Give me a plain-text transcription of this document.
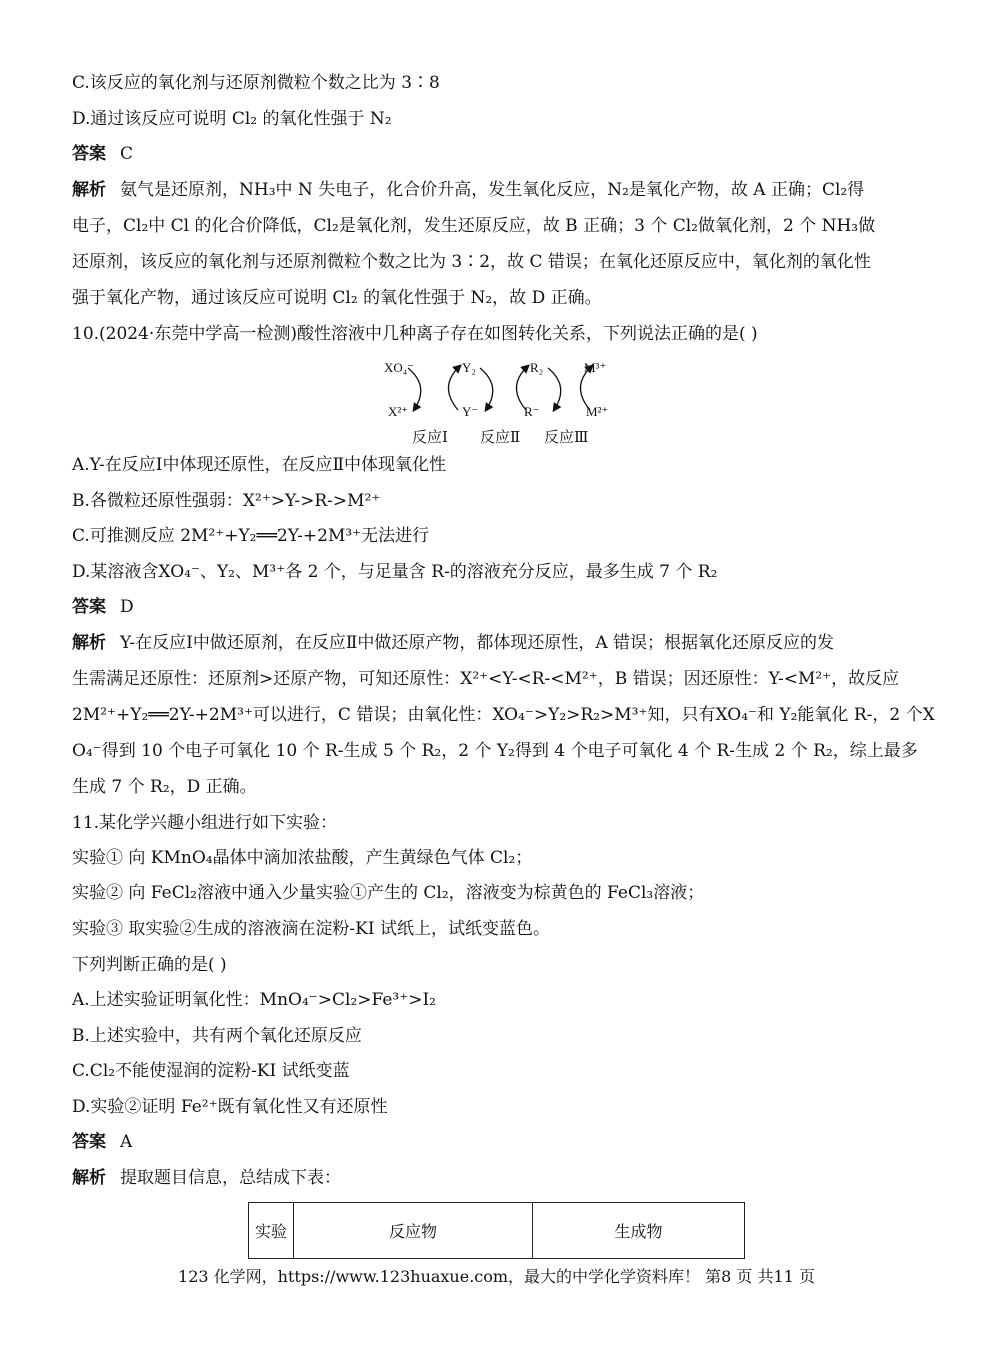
C.该反应的氧化剂与还原剂微粒个数之比为 3∶8
D.通过该反应可说明 Cl₂ 的氧化性强于 N₂
答案 C
解析 氨气是还原剂，NH₃中 N 失电子，化合价升高，发生氧化反应，N₂是氧化产物，故 A 正确；Cl₂得
电子，Cl₂中 Cl 的化合价降低，Cl₂是氧化剂，发生还原反应，故 B 正确；3 个 Cl₂做氧化剂，2 个 NH₃做
还原剂，该反应的氧化剂与还原剂微粒个数之比为 3∶2，故 C 错误；在氧化还原反应中，氧化剂的氧化性
强于氧化产物，通过该反应可说明 Cl₂ 的氧化性强于 N₂，故 D 正确。
10.(2024·东莞中学高一检测)酸性溶液中几种离子存在如图转化关系，下列说法正确的是( )
XO₄⁻	Y₂	R₂	M³⁺
X²⁺	Y⁻	R⁻	M²⁺
反应Ⅰ 反应Ⅱ 反应Ⅲ
A.Y-在反应Ⅰ中体现还原性，在反应Ⅱ中体现氧化性
B.各微粒还原性强弱：X²⁺>Y->R->M²⁺
C.可推测反应 2M²⁺+Y₂══2Y-+2M³⁺无法进行
D.某溶液含XO₄⁻、Y₂、M³⁺各 2 个，与足量含 R-的溶液充分反应，最多生成 7 个 R₂
答案 D
解析 Y-在反应Ⅰ中做还原剂，在反应Ⅱ中做还原产物，都体现还原性，A 错误；根据氧化还原反应的发
生需满足还原性：还原剂>还原产物，可知还原性：X²⁺<Y-<R-<M²⁺，B 错误；因还原性：Y-<M²⁺，故反应
2M²⁺+Y₂══2Y-+2M³⁺可以进行，C 错误；由氧化性：XO₄⁻>Y₂>R₂>M³⁺知，只有XO₄⁻和 Y₂能氧化 R-，2 个X
O₄⁻得到 10 个电子可氧化 10 个 R-生成 5 个 R₂，2 个 Y₂得到 4 个电子可氧化 4 个 R-生成 2 个 R₂，综上最多
生成 7 个 R₂，D 正确。
11.某化学兴趣小组进行如下实验：
实验① 向 KMnO₄晶体中滴加浓盐酸，产生黄绿色气体 Cl₂；
实验② 向 FeCl₂溶液中通入少量实验①产生的 Cl₂，溶液变为棕黄色的 FeCl₃溶液；
实验③ 取实验②生成的溶液滴在淀粉-KI 试纸上，试纸变蓝色。
下列判断正确的是( )
A.上述实验证明氧化性：MnO₄⁻>Cl₂>Fe³⁺>I₂
B.上述实验中，共有两个氧化还原反应
C.Cl₂不能使湿润的淀粉-KI 试纸变蓝
D.实验②证明 Fe²⁺既有氧化性又有还原性
答案 A
解析 提取题目信息，总结成下表：
实验	反应物	生成物
123 化学网，https://www.123huaxue.com，最大的中学化学资料库！ 第8 页 共11 页
